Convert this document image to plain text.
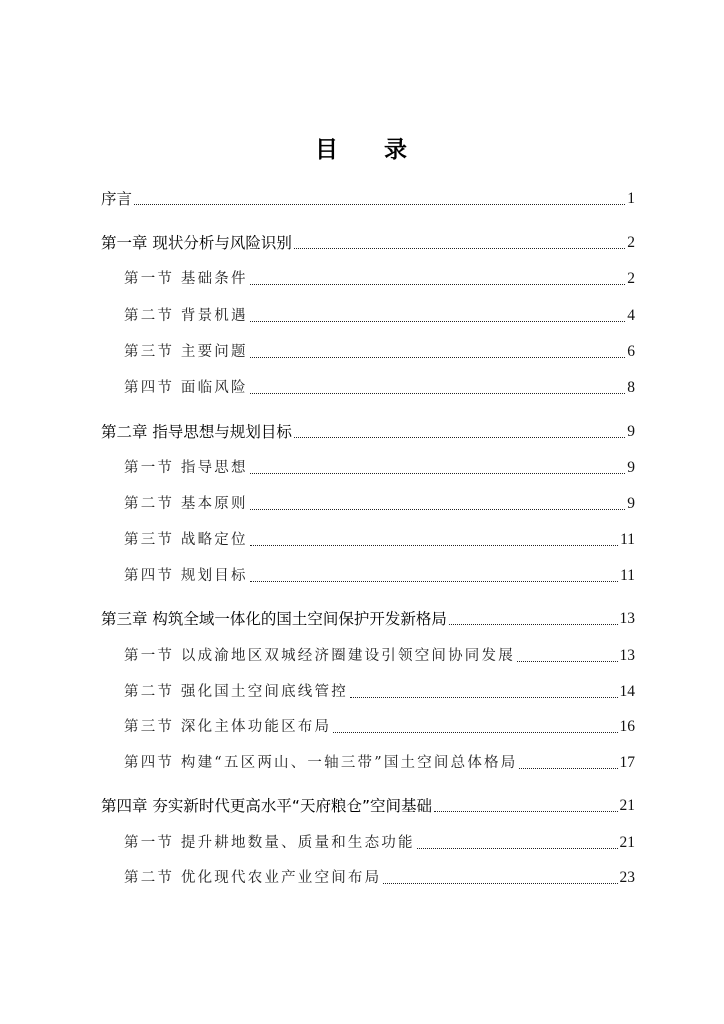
目 录
序言	1
第一章 现状分析与风险识别	2
第一节 基础条件	2
第二节 背景机遇	4
第三节 主要问题	6
第四节 面临风险	8
第二章 指导思想与规划目标	9
第一节 指导思想	9
第二节 基本原则	9
第三节 战略定位	11
第四节 规划目标	11
第三章 构筑全域一体化的国土空间保护开发新格局	13
第一节 以成渝地区双城经济圈建设引领空间协同发展	13
第二节 强化国土空间底线管控	14
第三节 深化主体功能区布局	16
第四节 构建“五区两山、一轴三带”国土空间总体格局	17
第四章 夯实新时代更高水平“天府粮仓”空间基础	21
第一节 提升耕地数量、质量和生态功能	21
第二节 优化现代农业产业空间布局	23
